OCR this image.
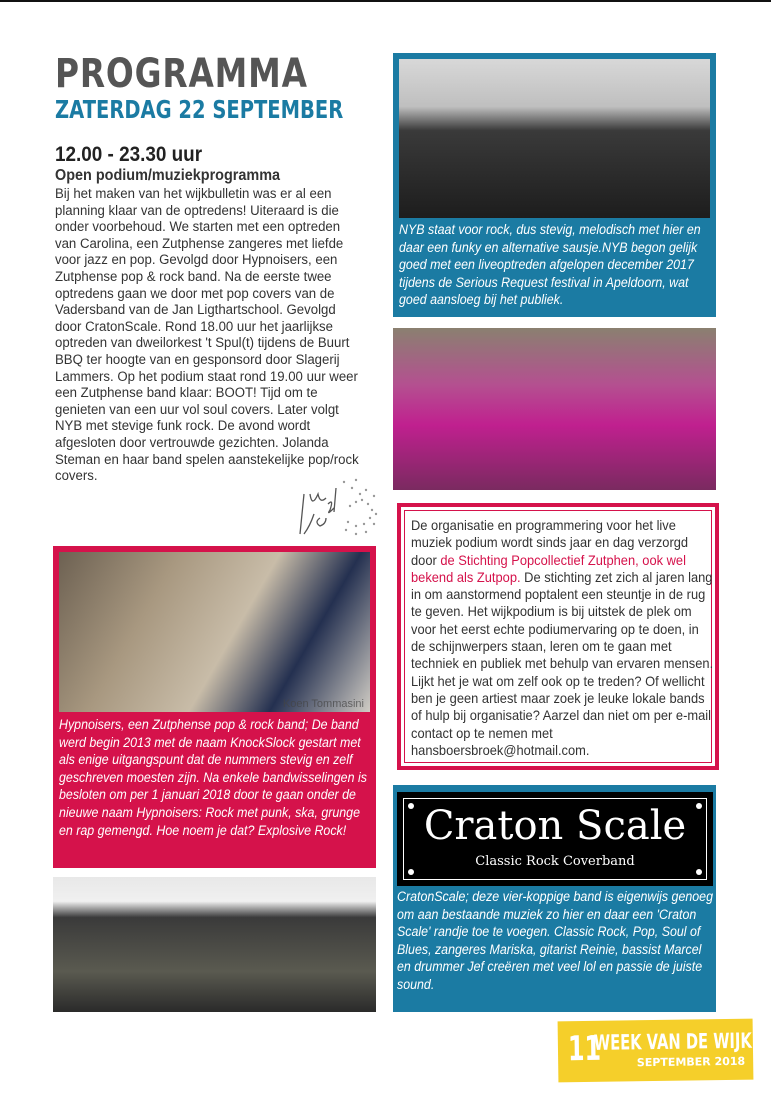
PROGRAMMA
ZATERDAG 22 SEPTEMBER
12.00 - 23.30 uur
Open podium/muziekprogramma

Bij het maken van het wijkbulletin was er al een planning klaar van de optredens! Uiteraard is die onder voorbehoud. We starten met een optreden van Carolina, een Zutphense zangeres met liefde voor jazz en pop. Gevolgd door Hypnoisers, een Zutphense pop & rock band. Na de eerste twee optredens gaan we door met pop covers van de Vadersband van de Jan Ligthartschool. Gevolgd door CratonScale. Rond 18.00 uur het jaarlijkse optreden van dweilorkest 't Spul(t) tijdens de Buurt BBQ ter hoogte van en gesponsord door Slagerij Lammers. Op het podium staat rond 19.00 uur weer een Zutphense band klaar: BOOT! Tijd om te genieten van een uur vol soul covers. Later volgt NYB met stevige funk rock. De avond wordt afgesloten door vertrouwde gezichten. Jolanda Steman en haar band spelen aanstekelijke pop/rock covers.

NYB staat voor rock, dus stevig, melodisch met hier en daar een funky en alternative sausje.NYB begon gelijk goed met een liveoptreden afgelopen december 2017 tijdens de Serious Request festival in Apeldoorn, wat goed aansloeg bij het publiek.

De organisatie en programmering voor het live muziek podium wordt sinds jaar en dag verzorgd door de Stichting Popcollectief Zutphen, ook wel bekend als Zutpop. De stichting zet zich al jaren lang in om aanstormend poptalent een steuntje in de rug te geven. Het wijkpodium is bij uitstek de plek om voor het eerst echte podiumervaring op te doen, in de schijnwerpers staan, leren om te gaan met techniek en publiek met behulp van ervaren mensen. Lijkt het je wat om zelf ook op te treden? Of wellicht ben je geen artiest maar zoek je leuke lokale bands of hulp bij organisatie? Aarzel dan niet om per e-mail contact op te nemen met hansboersbroek@hotmail.com.

Koen Tommasini
Hypnoisers, een Zutphense pop & rock band; De band werd begin 2013 met de naam KnockSlock gestart met als enige uitgangspunt dat de nummers stevig en zelf geschreven moesten zijn. Na enkele bandwisselingen is besloten om per 1 januari 2018 door te gaan onder de nieuwe naam Hypnoisers: Rock met punk, ska, grunge en rap gemengd. Hoe noem je dat? Explosive Rock!	Craton Scale
Classic Rock Coverband
CratonScale; deze vier-koppige band is eigenwijs genoeg om aan bestaande muziek zo hier en daar een 'Craton Scale' randje toe te voegen. Classic Rock, Pop, Soul of Blues, zangeres Mariska, gitarist Reinie, bassist Marcel en drummer Jef creëren met veel lol en passie de juiste sound.
11
WEEK VAN DE WIJK
SEPTEMBER 2018
